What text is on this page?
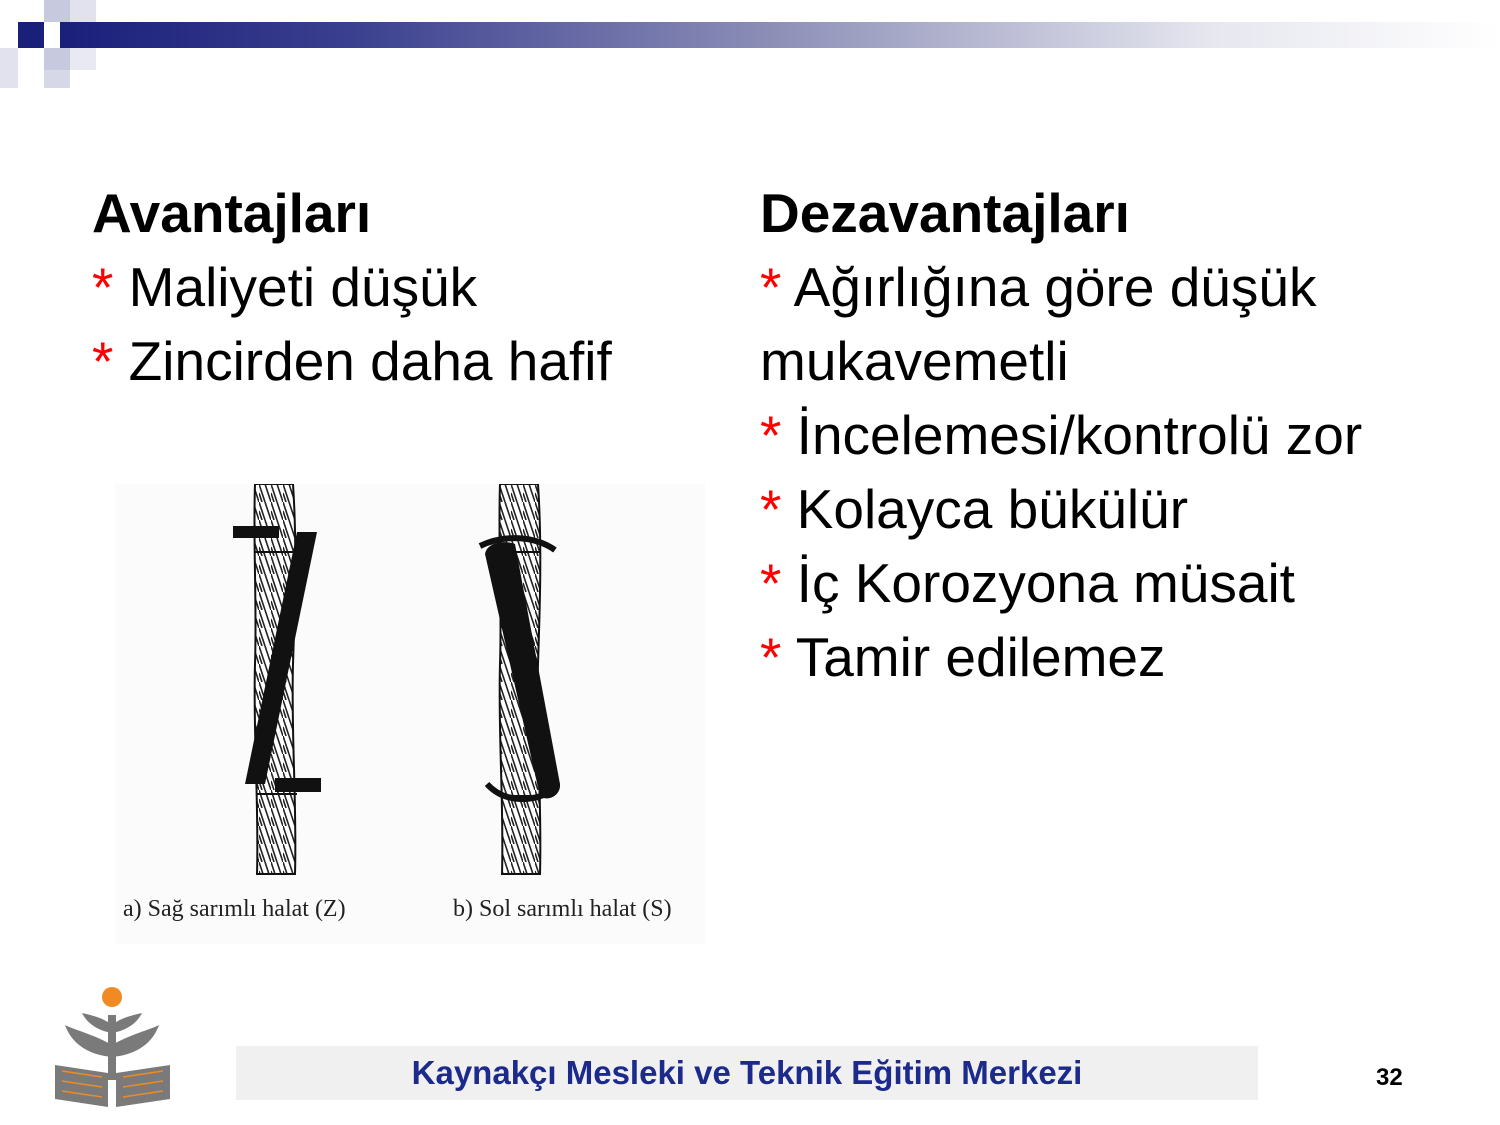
Avantajları
* Maliyeti düşük
* Zincirden daha hafif
Dezavantajları
* Ağırlığına göre düşük mukavemetli
* İncelemesi/kontrolü zor
* Kolayca bükülür
* İç Korozyona müsait
* Tamir edilemez
a) Sağ sarımlı halat (Z)	b) Sol sarımlı halat (S)
Kaynakçı Mesleki ve Teknik Eğitim Merkezi	32
